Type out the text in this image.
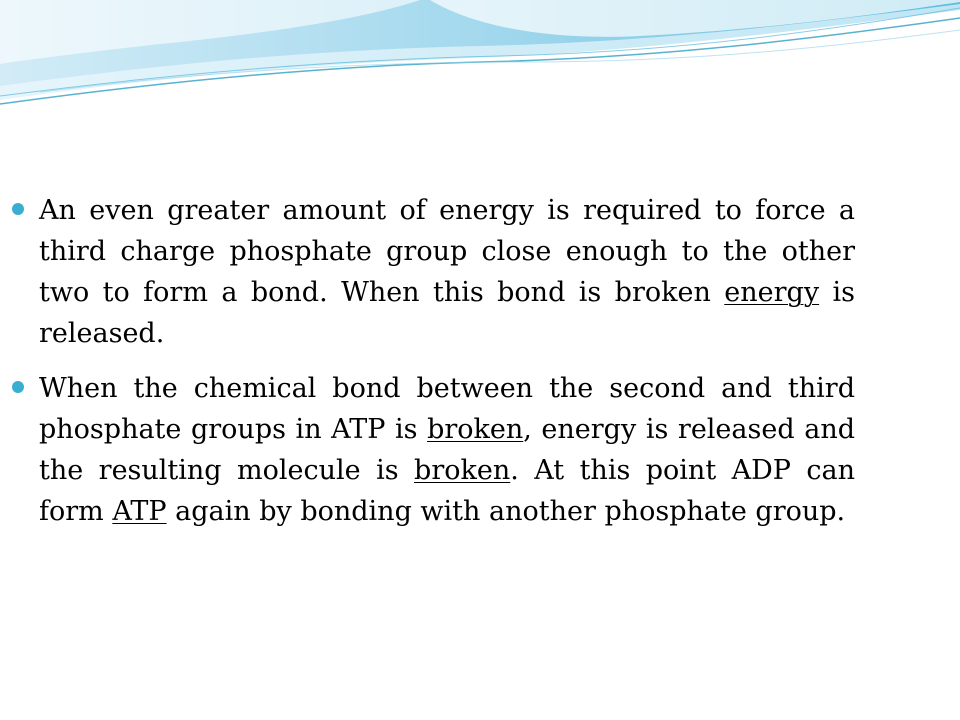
An even greater amount of energy is required to force a third charge phosphate group close enough to the other two to form a bond. When this bond is broken energy is released.

When the chemical bond between the second and third phosphate groups in ATP is broken, energy is released and the resulting molecule is broken. At this point ADP can form ATP again by bonding with another phosphate group.
